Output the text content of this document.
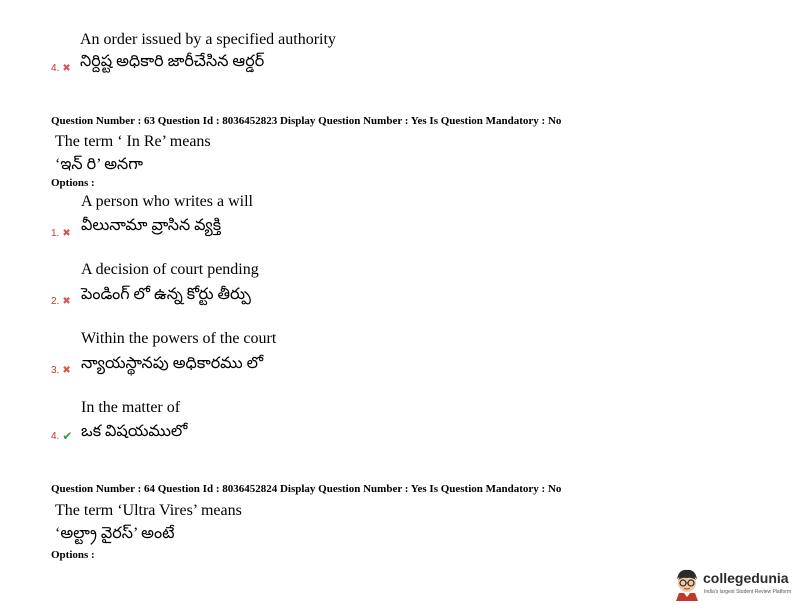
An order issued by a specified authority
4. ✖ నిర్దిష్ట అధికారి జారీచేసిన ఆర్డర్
Question Number : 63 Question Id : 8036452823 Display Question Number : Yes Is Question Mandatory : No
The term ‘ In Re’ means
‘ఇన్ రి’ అనగా
Options :
A person who writes a will
1. ✖ వీలునామా వ్రాసిన వ్యక్తి
A decision of court pending
2. ✖ పెండింగ్ లో ఉన్న కోర్టు తీర్పు
Within the powers of the court
3. ✖ న్యాయస్థానపు అధికారము లో
In the matter of
4. ✔ ఒక విషయములో
Question Number : 64 Question Id : 8036452824 Display Question Number : Yes Is Question Mandatory : No
The term ‘Ultra Vires’ means
‘అల్ట్రా వైరస్’ అంటే
Options :
collegedunia
India's largest Student Review Platform
